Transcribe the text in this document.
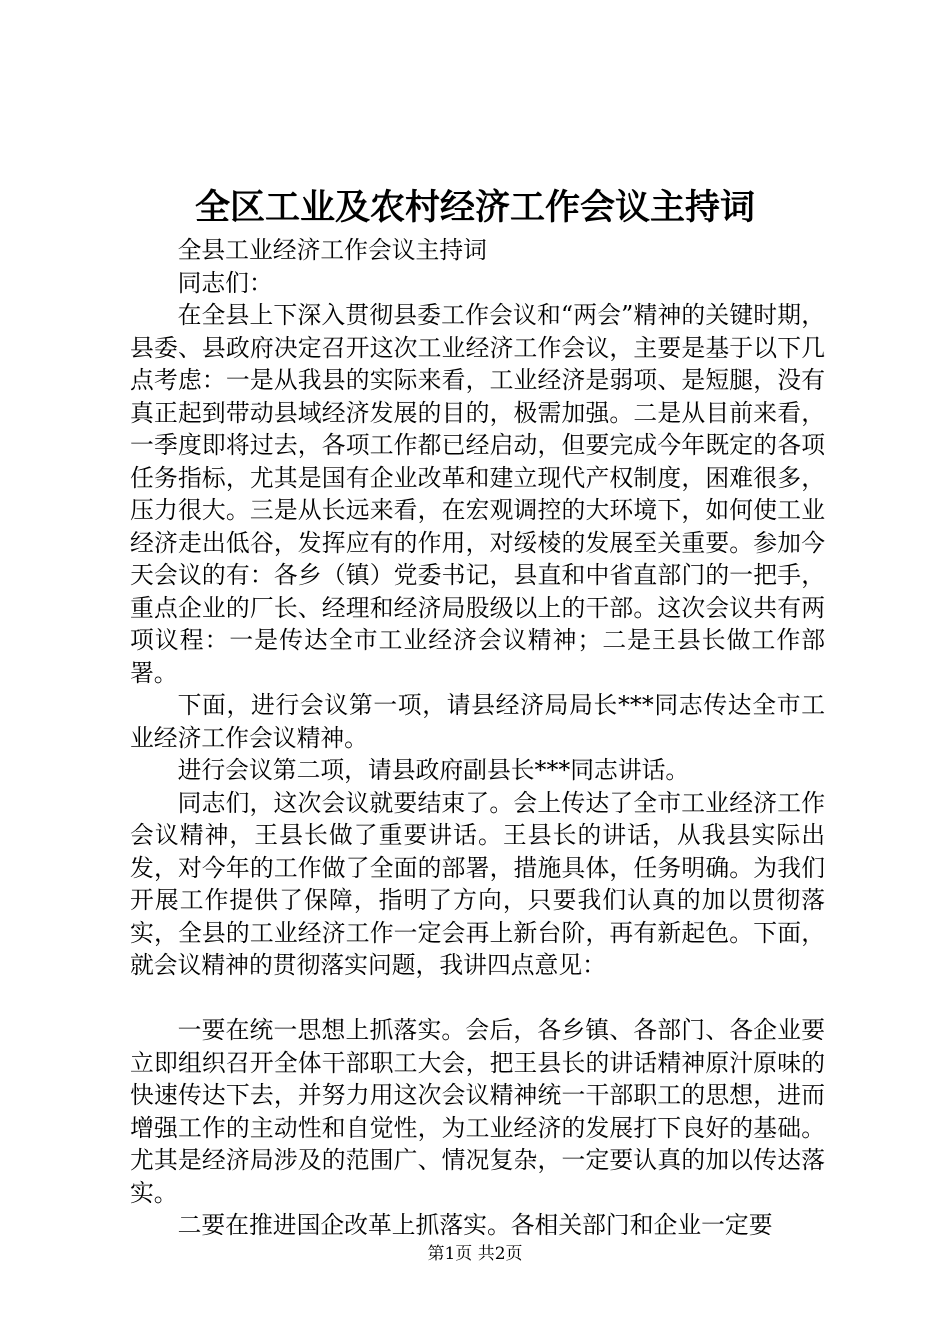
全区工业及农村经济工作会议主持词

全县工业经济工作会议主持词

同志们：

在全县上下深入贯彻县委工作会议和“两会”精神的关键时期，县委、县政府决定召开这次工业经济工作会议，主要是基于以下几点考虑：一是从我县的实际来看，工业经济是弱项、是短腿，没有真正起到带动县域经济发展的目的，极需加强。二是从目前来看，一季度即将过去，各项工作都已经启动，但要完成今年既定的各项任务指标，尤其是国有企业改革和建立现代产权制度，困难很多，压力很大。三是从长远来看，在宏观调控的大环境下，如何使工业经济走出低谷，发挥应有的作用，对绥棱的发展至关重要。参加今天会议的有：各乡（镇）党委书记，县直和中省直部门的一把手，重点企业的厂长、经理和经济局股级以上的干部。这次会议共有两项议程：一是传达全市工业经济会议精神；二是王县长做工作部署。

下面，进行会议第一项，请县经济局局长***同志传达全市工业经济工作会议精神。

进行会议第二项，请县政府副县长***同志讲话。

同志们，这次会议就要结束了。会上传达了全市工业经济工作会议精神，王县长做了重要讲话。王县长的讲话，从我县实际出发，对今年的工作做了全面的部署，措施具体，任务明确。为我们开展工作提供了保障，指明了方向，只要我们认真的加以贯彻落实，全县的工业经济工作一定会再上新台阶，再有新起色。下面，就会议精神的贯彻落实问题，我讲四点意见：

一要在统一思想上抓落实。会后，各乡镇、各部门、各企业要立即组织召开全体干部职工大会，把王县长的讲话精神原汁原味的快速传达下去，并努力用这次会议精神统一干部职工的思想，进而增强工作的主动性和自觉性，为工业经济的发展打下良好的基础。尤其是经济局涉及的范围广、情况复杂，一定要认真的加以传达落实。

二要在推进国企改革上抓落实。各相关部门和企业一定要

第1页 共2页
